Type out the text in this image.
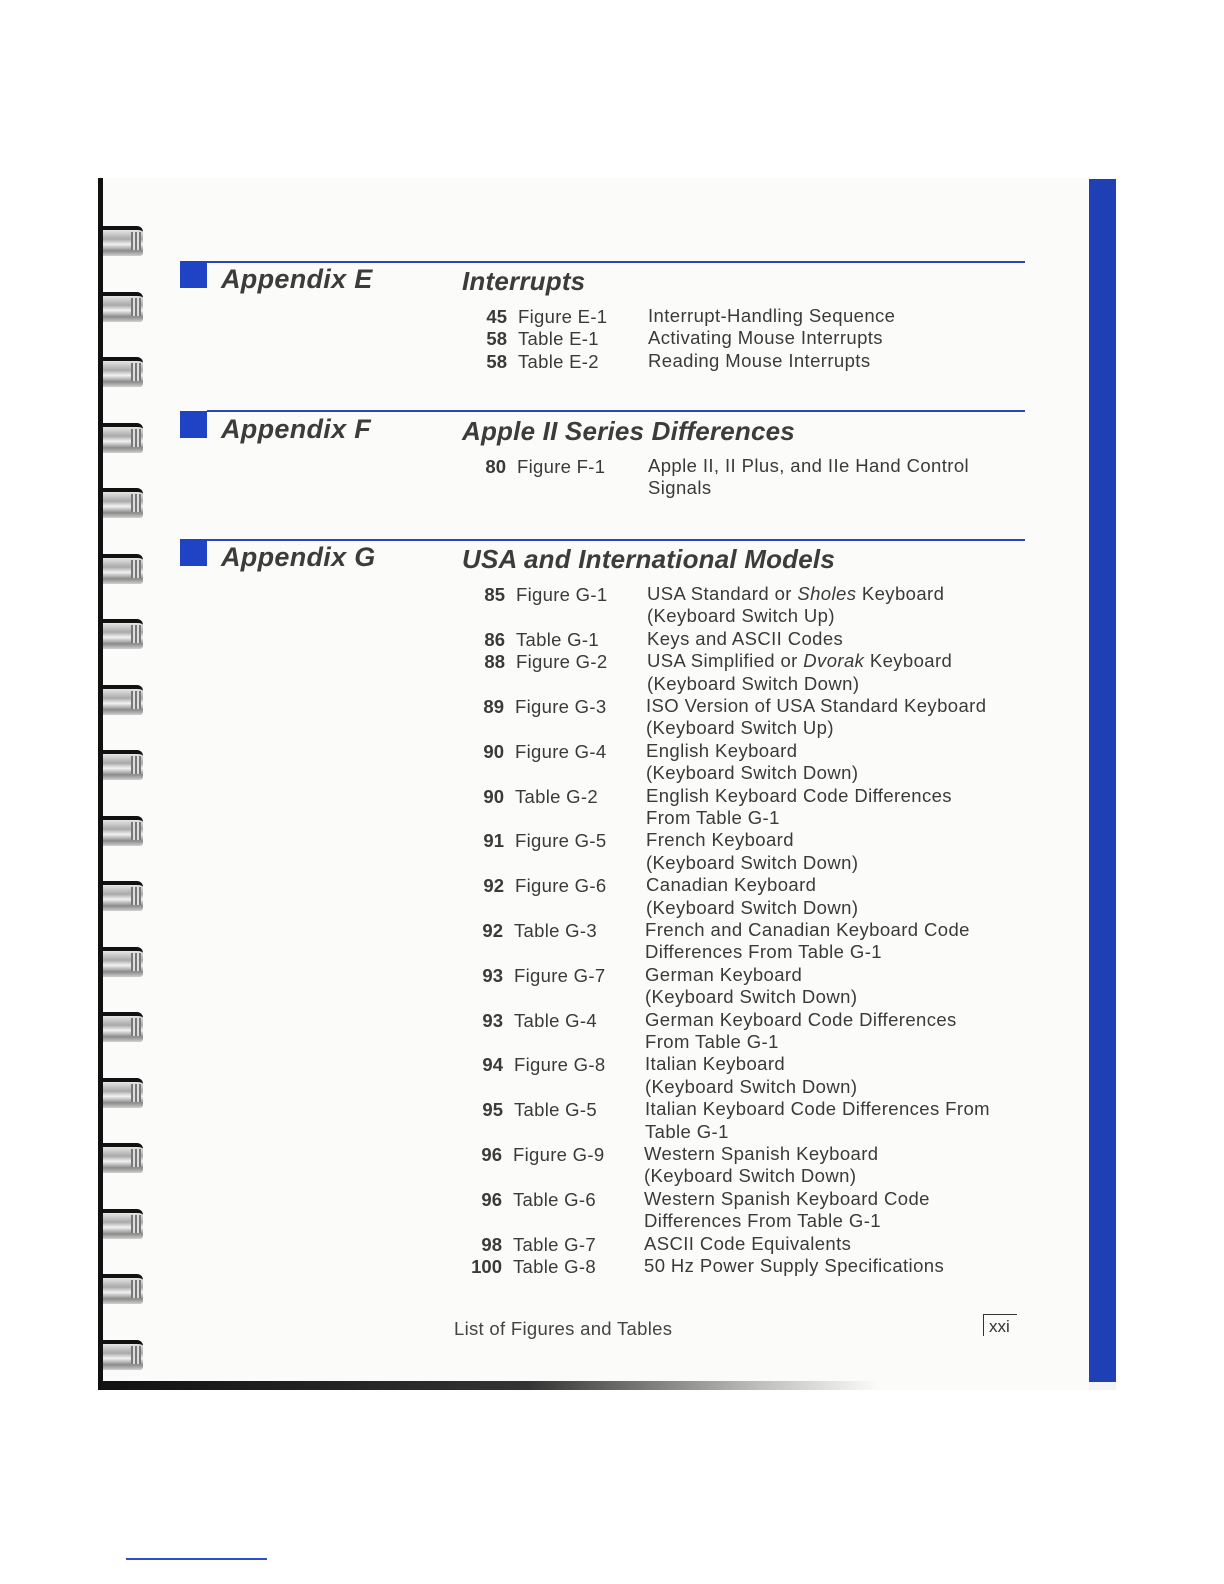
Appendix E	Interrupts
45 Figure E-1 Interrupt-Handling Sequence
58 Table E-1	Activating Mouse Interrupts
58 Table E-2	Reading Mouse Interrupts
Appendix F	Apple II Series Differences
80 Figure F-1 Apple II, II Plus, and IIe Hand Control
Signals
Appendix G	USA and International Models
85 Figure G-1 USA Standard or Sholes Keyboard
(Keyboard Switch Up)
86 Table G-1	Keys and ASCII Codes
88 Figure G-2 USA Simplified or Dvorak Keyboard
(Keyboard Switch Down)
89 Figure G-3 ISO Version of USA Standard Keyboard
(Keyboard Switch Up)
90 Figure G-4 English Keyboard
(Keyboard Switch Down)
90 Table G-2	English Keyboard Code Differences
From Table G-1
91 Figure G-5 French Keyboard
(Keyboard Switch Down)
92 Figure G-6 Canadian Keyboard
(Keyboard Switch Down)
92 Table G-3	French and Canadian Keyboard Code
Differences From Table G-1
93 Figure G-7 German Keyboard
(Keyboard Switch Down)
93 Table G-4	German Keyboard Code Differences
From Table G-1
94 Figure G-8 Italian Keyboard
(Keyboard Switch Down)
95 Table G-5	Italian Keyboard Code Differences From
Table G-1
96 Figure G-9 Western Spanish Keyboard
(Keyboard Switch Down)
96 Table G-6	Western Spanish Keyboard Code
Differences From Table G-1
98 Table G-7	ASCII Code Equivalents
100 Table G-8	50 Hz Power Supply Specifications
List of Figures and Tables	xxi
